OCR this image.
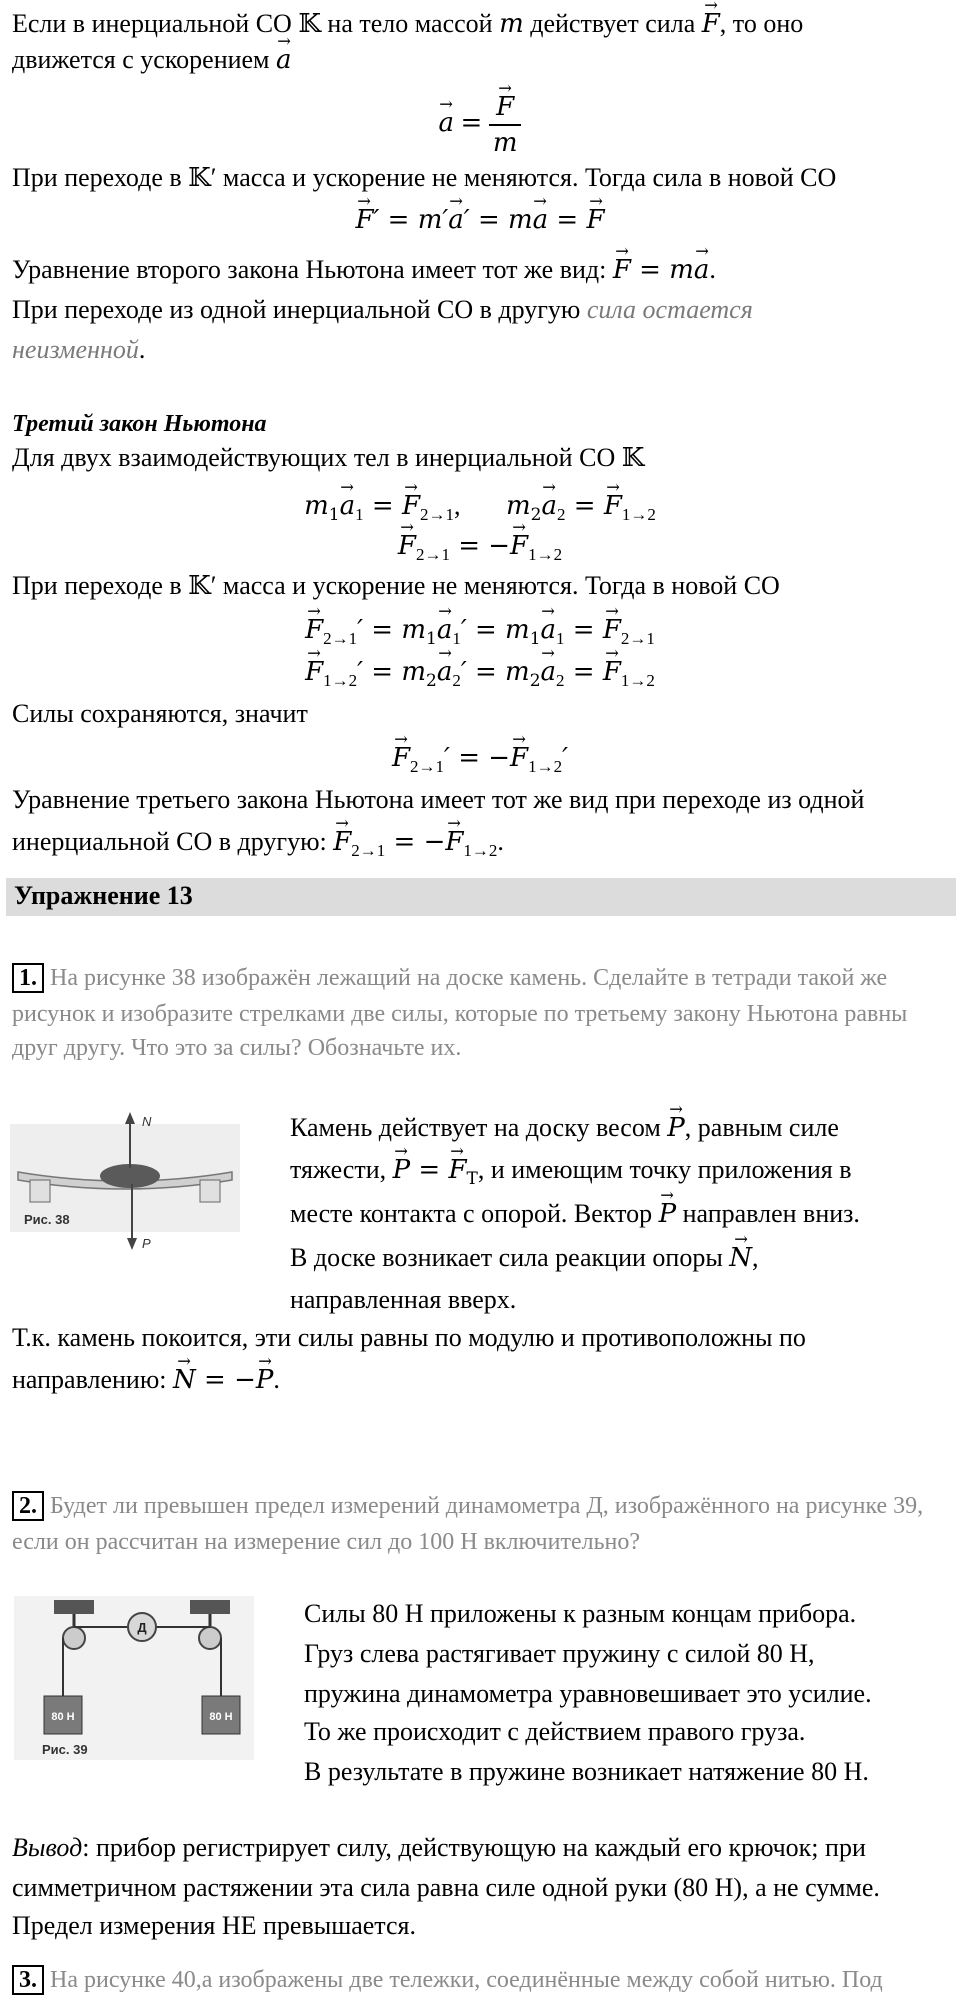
Если в инерциальной СО 𝕂 на тело массой m действует сила → F, то оно
движется с ускорением → a
→ a =
→ $\frac{F}{m}$
При переходе в 𝕂′ масса и ускорение не меняются. Тогда сила в новой СО
→ F′ = m′→ a′ = m→ a = → F
Уравнение второго закона Ньютона имеет тот же вид: → F = m→ a.
При переходе из одной инерциальной СО в другую сила остается
неизменной.
Третий закон Ньютона
Для двух взаимодействующих тел в инерциальной СО 𝕂
$m_1\to a_1$ = → $F_{2\to 1}$,       $m_2\to a_2$ = → $F_{1\to 2}$
→ $F_{2\to 1}$ = −→ $F_{1\to 2}$
При переходе в 𝕂′ масса и ускорение не меняются. Тогда в новой СО
→ $F_{2\to 1}' = m_1\to a_1' = m_1\to a_1$ = → $F_{2\to 1}$
→ $F_{1\to 2}' = m_2\to a_2' = m_2\to a_2$ = → $F_{1\to 2}$
Силы сохраняются, значит
→ $F_{2\to 1}'$ = −→ $F_{1\to 2}'$
Уравнение третьего закона Ньютона имеет тот же вид при переходе из одной
инерциальной СО в другую: → $F_{2\to 1}$ = −→ $F_{1\to 2}$.
Упражнение 13
1. На рисунке 38 изображён лежащий на доске камень. Сделайте в тетради такой же
рисунок и изобразите стрелками две силы, которые по третьему закону Ньютона равны
друг другу. Что это за силы? Обозначьте их.
N
P
Рис. 38
Камень действует на доску весом → P, равным силе
тяжести, → P = → $F_T$, и имеющим точку приложения в
месте контакта с опорой. Вектор → P направлен вниз.
В доске возникает сила реакции опоры → N,
направленная вверх.
Т.к. камень покоится, эти силы равны по модулю и противоположны по
направлению: → N = −→ P.
2. Будет ли превышен предел измерений динамометра Д, изображённого на рисунке 39,
если он рассчитан на измерение сил до 100 Н включительно?
Д
80 Н	80 Н
Рис. 39
Силы 80 Н приложены к разным концам прибора.
Груз слева растягивает пружину с силой 80 Н,
пружина динамометра уравновешивает это усилие.
То же происходит с действием правого груза.
В результате в пружине возникает натяжение 80 Н.
Вывод: прибор регистрирует силу, действующую на каждый его крючок; при
симметричном растяжении эта сила равна силе одной руки (80 Н), а не сумме.
Предел измерения НЕ превышается.
3. На рисунке 40,а изображены две тележки, соединённые между собой нитью. Под
